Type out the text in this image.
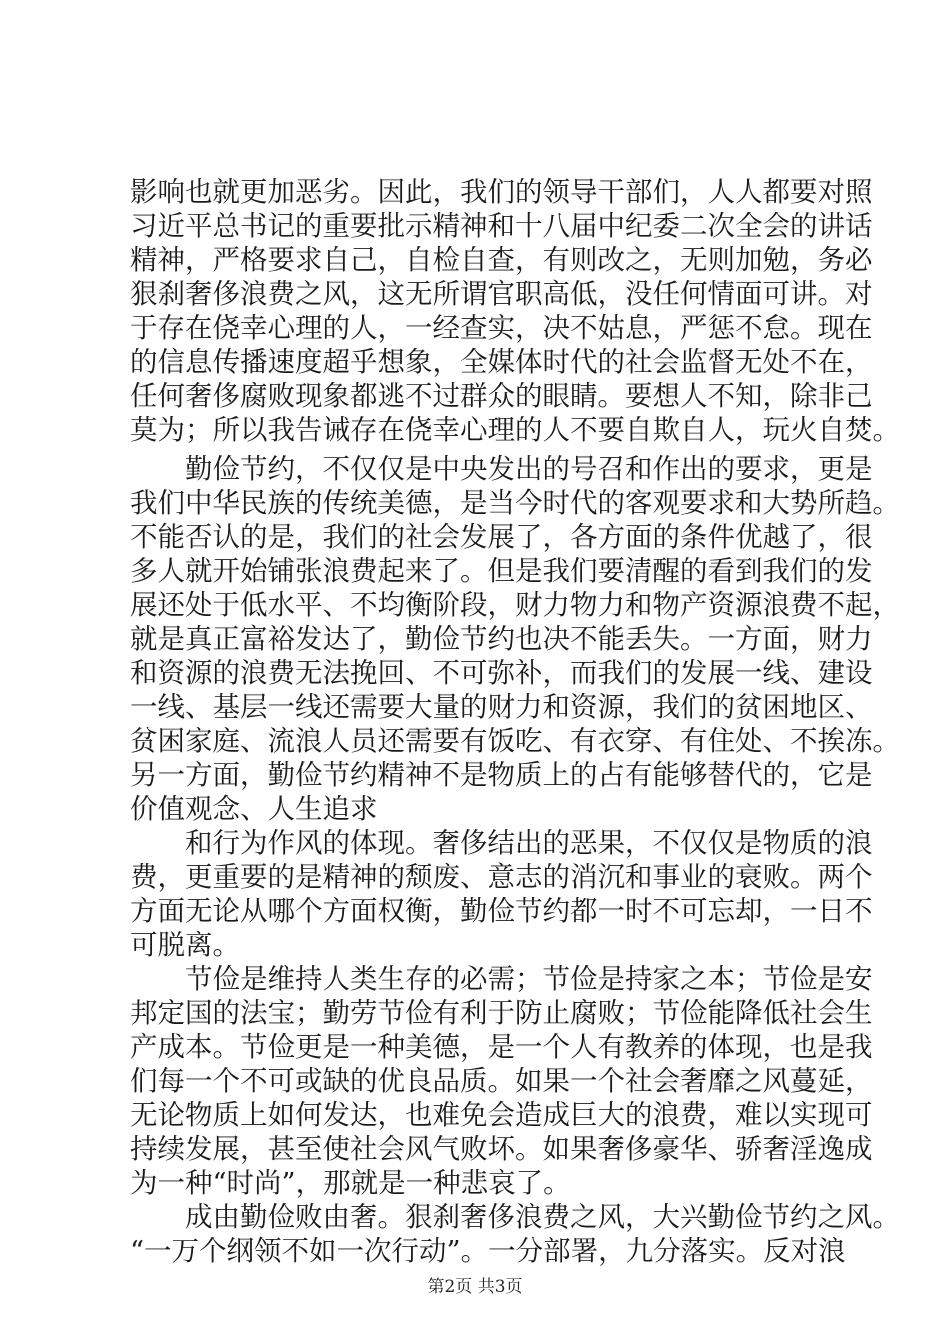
影响也就更加恶劣。因此，我们的领导干部们，人人都要对照
习近平总书记的重要批示精神和十八届中纪委二次全会的讲话
精神，严格要求自己，自检自查，有则改之，无则加勉，务必
狠刹奢侈浪费之风，这无所谓官职高低，没任何情面可讲。对
于存在侥幸心理的人，一经查实，决不姑息，严惩不怠。现在
的信息传播速度超乎想象，全媒体时代的社会监督无处不在，
任何奢侈腐败现象都逃不过群众的眼睛。要想人不知，除非己
莫为；所以我告诫存在侥幸心理的人不要自欺自人，玩火自焚。
勤俭节约，不仅仅是中央发出的号召和作出的要求，更是
我们中华民族的传统美德，是当今时代的客观要求和大势所趋。
不能否认的是，我们的社会发展了，各方面的条件优越了，很
多人就开始铺张浪费起来了。但是我们要清醒的看到我们的发
展还处于低水平、不均衡阶段，财力物力和物产资源浪费不起，
就是真正富裕发达了，勤俭节约也决不能丢失。一方面，财力
和资源的浪费无法挽回、不可弥补，而我们的发展一线、建设
一线、基层一线还需要大量的财力和资源，我们的贫困地区、
贫困家庭、流浪人员还需要有饭吃、有衣穿、有住处、不挨冻。
另一方面，勤俭节约精神不是物质上的占有能够替代的，它是
价值观念、人生追求
和行为作风的体现。奢侈结出的恶果，不仅仅是物质的浪
费，更重要的是精神的颓废、意志的消沉和事业的衰败。两个
方面无论从哪个方面权衡，勤俭节约都一时不可忘却，一日不
可脱离。
节俭是维持人类生存的必需；节俭是持家之本；节俭是安
邦定国的法宝；勤劳节俭有利于防止腐败；节俭能降低社会生
产成本。节俭更是一种美德，是一个人有教养的体现，也是我
们每一个不可或缺的优良品质。如果一个社会奢靡之风蔓延，
无论物质上如何发达，也难免会造成巨大的浪费，难以实现可
持续发展，甚至使社会风气败坏。如果奢侈豪华、骄奢淫逸成
为一种“时尚”，那就是一种悲哀了。
成由勤俭败由奢。狠刹奢侈浪费之风，大兴勤俭节约之风。
“一万个纲领不如一次行动”。一分部署，九分落实。反对浪
第2页 共3页
